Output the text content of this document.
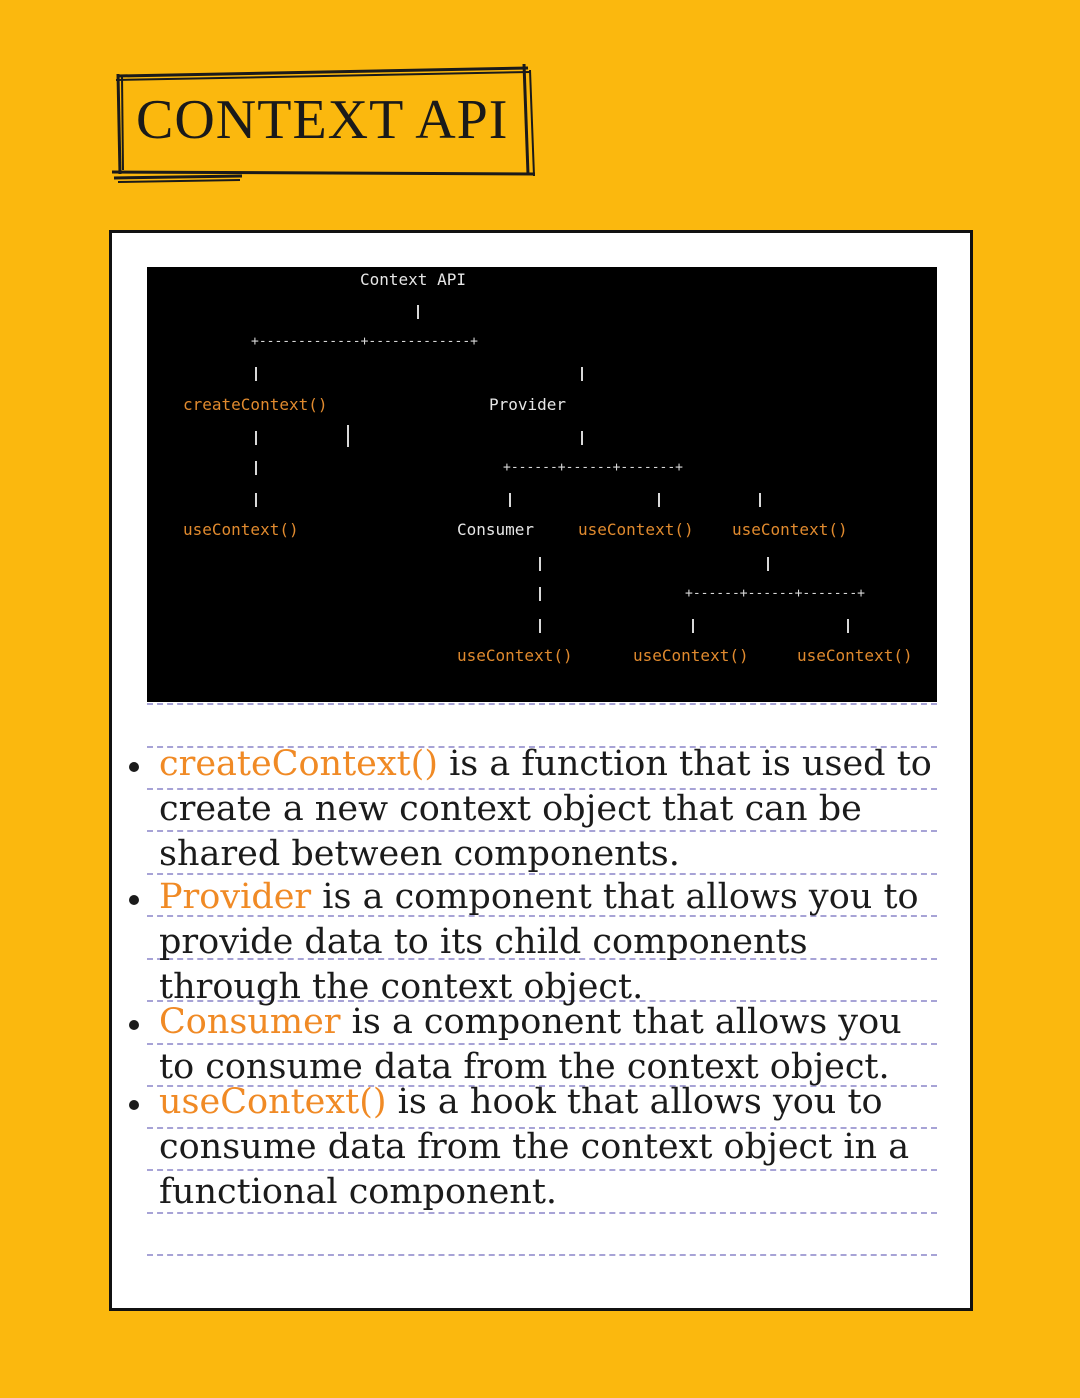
CONTEXT API
Context API
+-------------+-------------+
createContext()	Provider
+------+------+-------+
useContext()	Consumer	useContext() useContext()
+------+------+-------+
useContext()	useContext()	useContext()
createContext() is a function that is used to create a new context object that can be shared between components.
Provider is a component that allows you to provide data to its child components through the context object.
Consumer is a component that allows you to consume data from the context object.
useContext() is a hook that allows you to consume data from the context object in a functional component.
